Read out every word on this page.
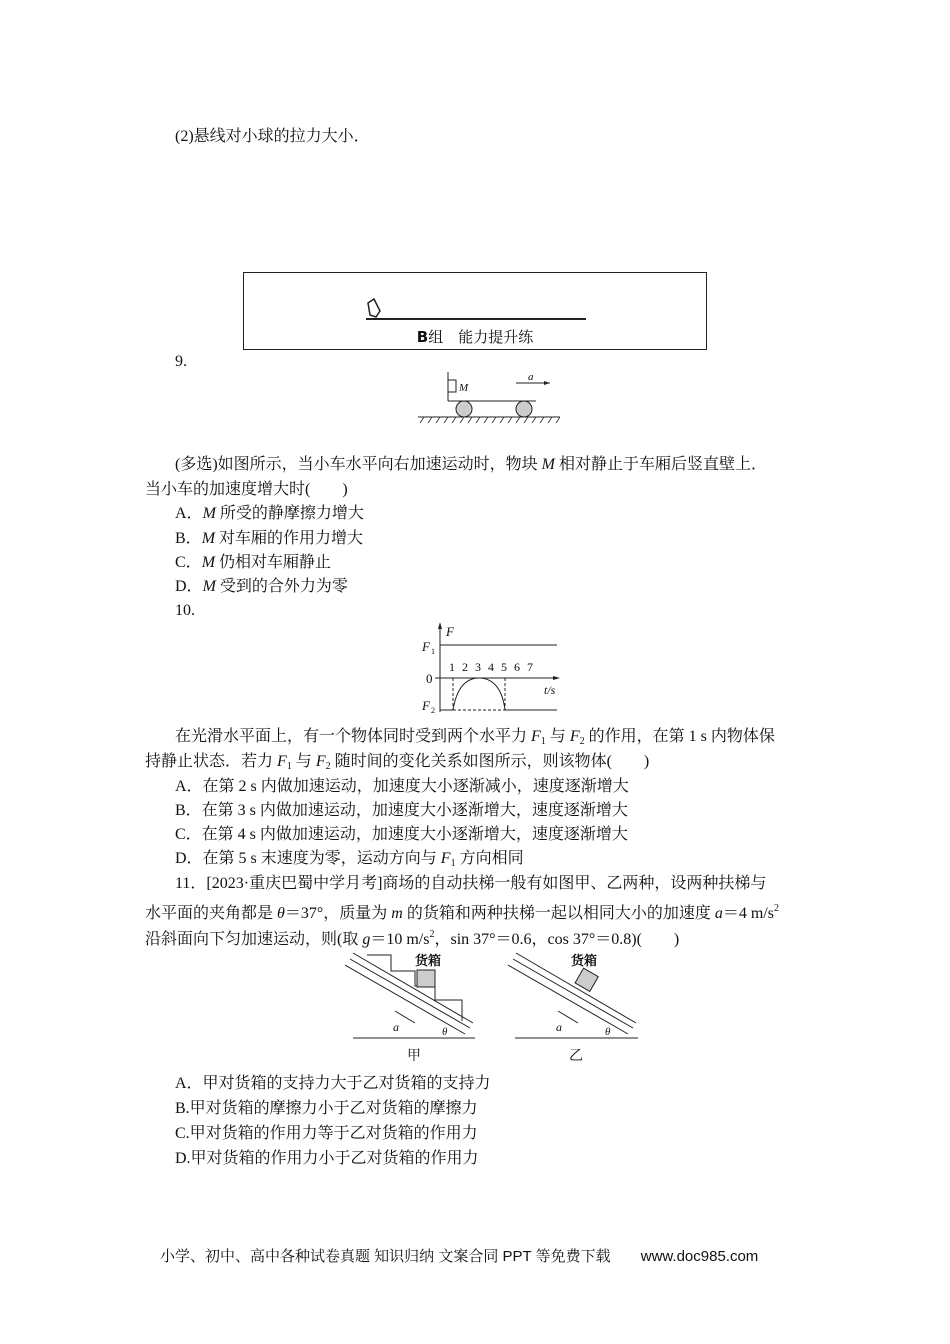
(2)悬线对小球的拉力大小．
B组　能力提升练
9.
M
a
(多选)如图所示，当小车水平向右加速运动时，物块 M 相对静止于车厢后竖直壁上．
当小车的加速度增大时(　　)
A．M 所受的静摩擦力增大
B．M 对车厢的作用力增大
C．M 仍相对车厢静止
D．M 受到的合外力为零
10.
F
F 1
0
t/s
1 2 3 4 5 6 7
F 2
在光滑水平面上，有一个物体同时受到两个水平力 $F_1$ 与 $F_2$ 的作用，在第 1 s 内物体保
持静止状态．若力 $F_1$ 与 $F_2$ 随时间的变化关系如图所示，则该物体(　　)
A．在第 2 s 内做加速运动，加速度大小逐渐减小，速度逐渐增大
B．在第 3 s 内做加速运动，加速度大小逐渐增大，速度逐渐增大
C．在第 4 s 内做加速运动，加速度大小逐渐增大，速度逐渐增大
D．在第 5 s 末速度为零，运动方向与 $F_1$ 方向相同
11．[2023·重庆巴蜀中学月考]商场的自动扶梯一般有如图甲、乙两种，设两种扶梯与
水平面的夹角都是 θ＝37°，质量为 m 的货箱和两种扶梯一起以相同大小的加速度 a＝4 $m/s^2$
沿斜面向下匀加速运动，则(取 g＝10 $m/s^2$，sin 37°＝0.6，cos 37°＝0.8)(　　)
货箱
a	θ
甲
货箱
a	θ
乙
A．甲对货箱的支持力大于乙对货箱的支持力
B.甲对货箱的摩擦力小于乙对货箱的摩擦力
C.甲对货箱的作用力等于乙对货箱的作用力
D.甲对货箱的作用力小于乙对货箱的作用力
小学、初中、高中各种试卷真题 知识归纳 文案合同 PPT 等免费下载 www.doc985.com
